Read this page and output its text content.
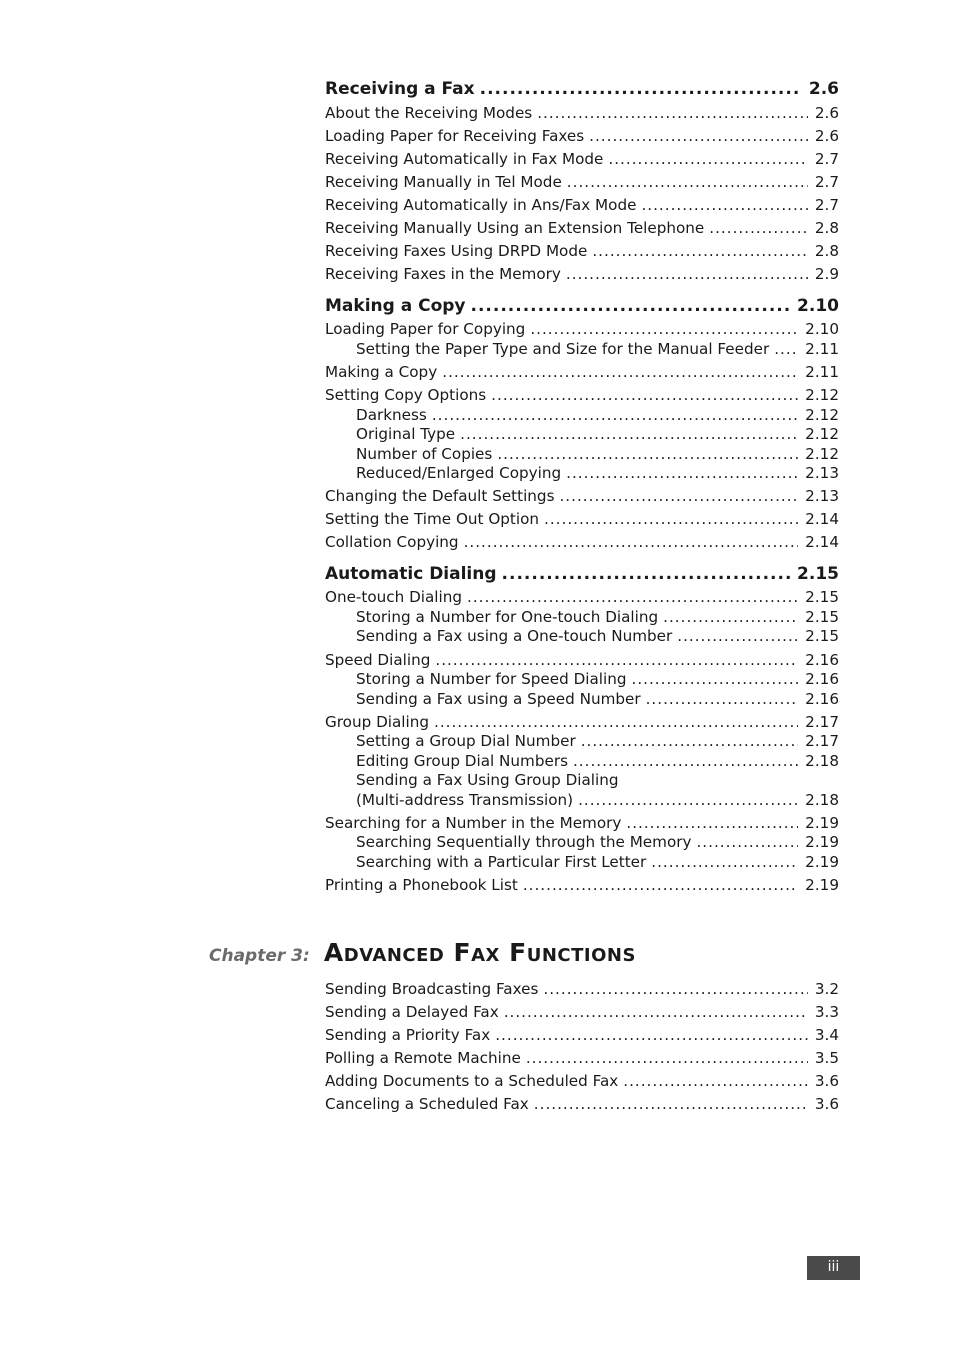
Receiving a Fax .....	2.6
About the Receiving Modes .....	2.6
Loading Paper for Receiving Faxes .....	2.6
Receiving Automatically in Fax Mode .....	2.7
Receiving Manually in Tel Mode .....	2.7
Receiving Automatically in Ans/Fax Mode .....	2.7
Receiving Manually Using an Extension Telephone .....	2.8
Receiving Faxes Using DRPD Mode .....	2.8
Receiving Faxes in the Memory .....	2.9
Making a Copy .....	2.10
Loading Paper for Copying .....	2.10
Setting the Paper Type and Size for the Manual Feeder ..... 2.11
Making a Copy .....	2.11
Setting Copy Options .....	2.12
Darkness .....	2.12
Original Type .....	2.12
Number of Copies .....	2.12
Reduced/Enlarged Copying .....	2.13
Changing the Default Settings .....	2.13
Setting the Time Out Option .....	2.14
Collation Copying .....	2.14
Automatic Dialing .....	2.15
One-touch Dialing .....	2.15
Storing a Number for One-touch Dialing .....	2.15
Sending a Fax using a One-touch Number .....	2.15
Speed Dialing .....	2.16
Storing a Number for Speed Dialing .....	2.16
Sending a Fax using a Speed Number .....	2.16
Group Dialing .....	2.17
Setting a Group Dial Number .....	2.17
Editing Group Dial Numbers .....	2.18
Sending a Fax Using Group Dialing
(Multi-address Transmission) .....	2.18
Searching for a Number in the Memory .....	2.19
Searching Sequentially through the Memory .....	2.19
Searching with a Particular First Letter .....	2.19
Printing a Phonebook List .....	2.19
Chapter 3: Advanced Fax Functions
Sending Broadcasting Faxes .....	3.2
Sending a Delayed Fax .....	3.3
Sending a Priority Fax .....	3.4
Polling a Remote Machine .....	3.5
Adding Documents to a Scheduled Fax .....	3.6
Canceling a Scheduled Fax .....	3.6
iii
